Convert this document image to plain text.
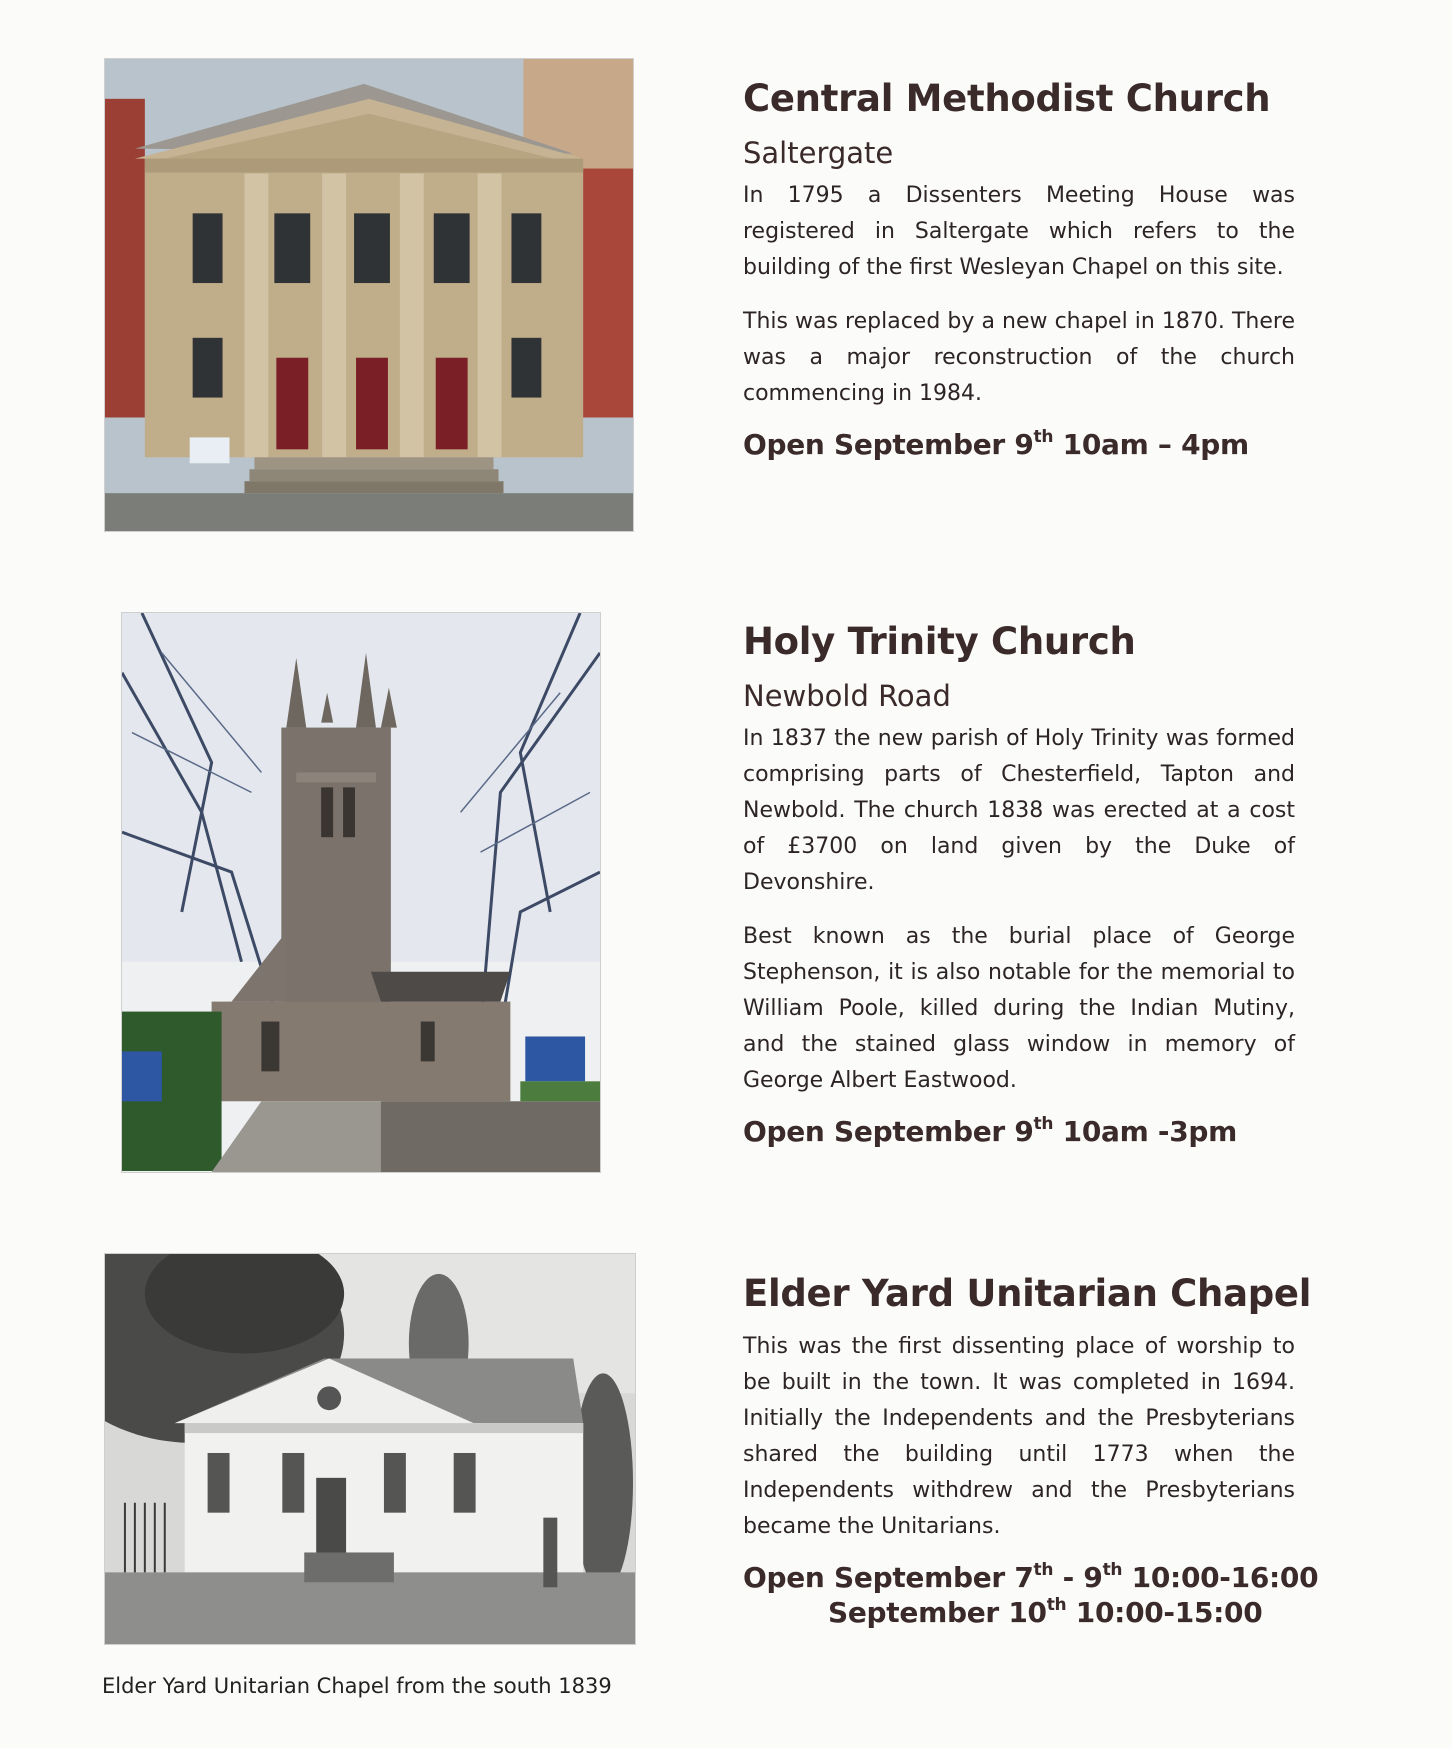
Central Methodist Church
Saltergate

In 1795 a Dissenters Meeting House was registered in Saltergate which refers to the building of the first Wesleyan Chapel on this site.

This was replaced by a new chapel in 1870. There was a major reconstruction of the church commencing in 1984.

Open September 9th 10am – 4pm
Holy Trinity Church
Newbold Road

In 1837 the new parish of Holy Trinity was formed comprising parts of Chesterfield, Tapton and Newbold. The church 1838 was erected at a cost of £3700 on land given by the Duke of Devonshire.

Best known as the burial place of George Stephenson, it is also notable for the memorial to William Poole, killed during the Indian Mutiny, and the stained glass window in memory of George Albert Eastwood.

Open September 9th 10am -3pm
Elder Yard Unitarian Chapel

This was the first dissenting place of worship to be built in the town. It was completed in 1694. Initially the Independents and the Presbyterians shared the building until 1773 when the Independents withdrew and the Presbyterians became the Unitarians.

Open September 7th - 9th 10:00-16:00
September 10th 10:00-15:00
Elder Yard Unitarian Chapel from the south 1839
